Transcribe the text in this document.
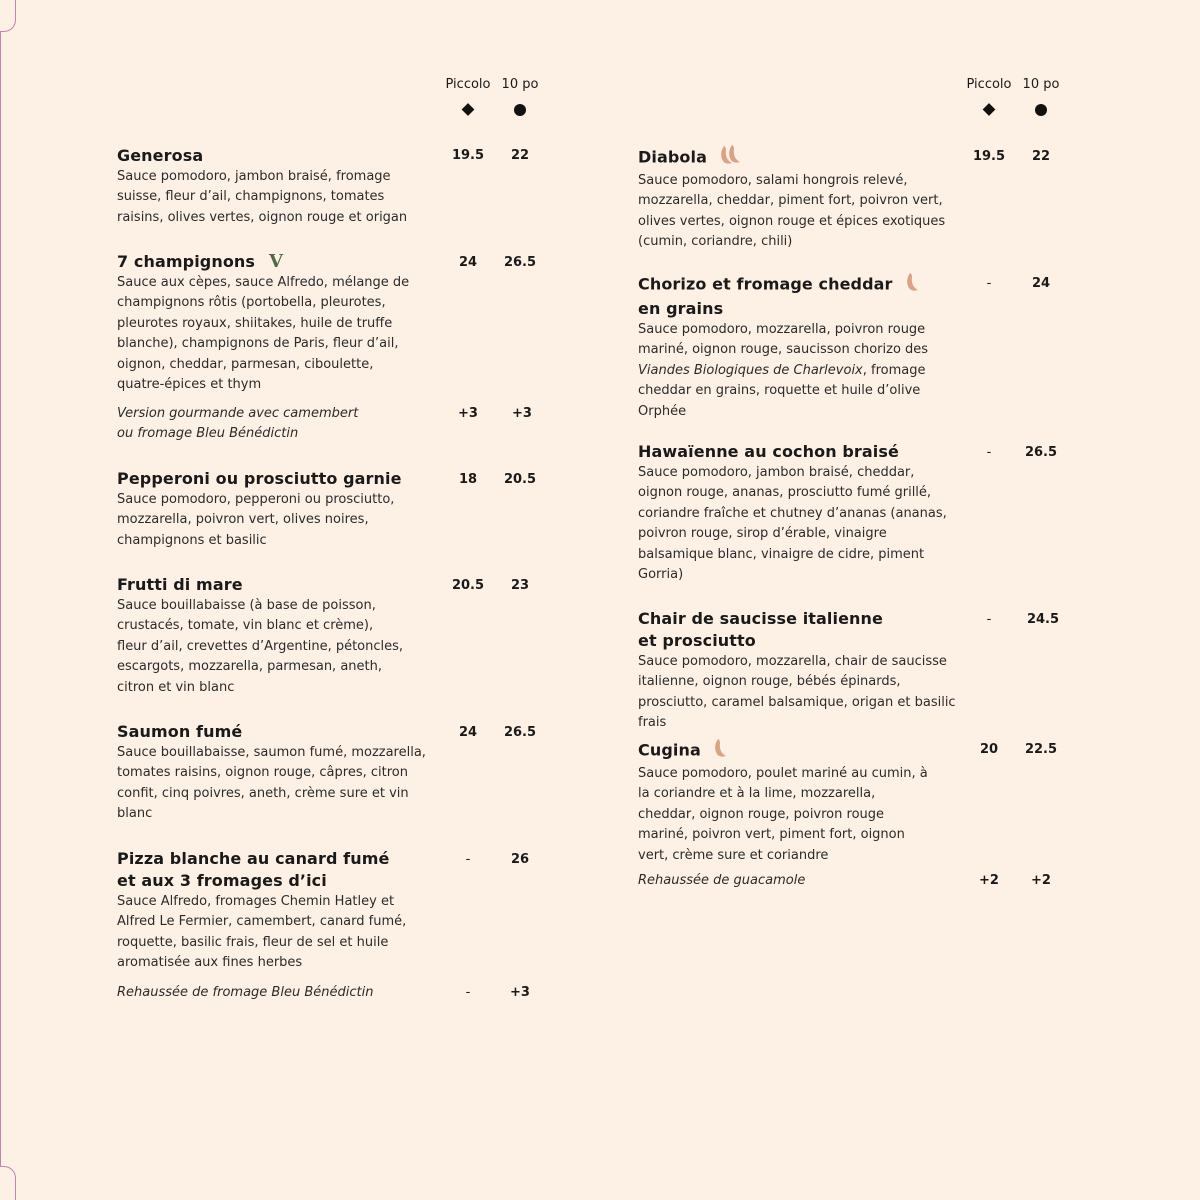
Piccolo 10 po
Generosa
Sauce pomodoro, jambon braisé, fromage suisse, fleur d’ail, champignons, tomates raisins, olives vertes, oignon rouge et origan
19.5 22
7 champignons V
Sauce aux cèpes, sauce Alfredo, mélange de champignons rôtis (portobella, pleurotes, pleurotes royaux, shiitakes, huile de truffe blanche), champignons de Paris, fleur d’ail, oignon, cheddar, parmesan, ciboulette, quatre-épices et thym
24 26.5
Version gourmande avec camembert ou fromage Bleu Bénédictin
+3	+3
Pepperoni ou prosciutto garnie
Sauce pomodoro, pepperoni ou prosciutto, mozzarella, poivron vert, olives noires, champignons et basilic
18 20.5
Frutti di mare
Sauce bouillabaisse (à base de poisson, crustacés, tomate, vin blanc et crème), fleur d’ail, crevettes d’Argentine, pétoncles, escargots, mozzarella, parmesan, aneth, citron et vin blanc
20.5 23
Saumon fumé
Sauce bouillabaisse, saumon fumé, mozzarella, tomates raisins, oignon rouge, câpres, citron confit, cinq poivres, aneth, crème sure et vin blanc
24 26.5
Pizza blanche au canard fumé
et aux 3 fromages d’ici
Sauce Alfredo, fromages Chemin Hatley et Alfred Le Fermier, camembert, canard fumé, roquette, basilic frais, fleur de sel et huile aromatisée aux fines herbes
-	26
Rehaussée de fromage Bleu Bénédictin	-	+3
Piccolo 10 po
Diabola
Sauce pomodoro, salami hongrois relevé, mozzarella, cheddar, piment fort, poivron vert, olives vertes, oignon rouge et épices exotiques (cumin, coriandre, chili)
19.5 22
Chorizo et fromage cheddar
en grains
Sauce pomodoro, mozzarella, poivron rouge mariné, oignon rouge, saucisson chorizo des Viandes Biologiques de Charlevoix, fromage cheddar en grains, roquette et huile d’olive Orphée
-	24
Hawaïenne au cochon braisé
Sauce pomodoro, jambon braisé, cheddar, oignon rouge, ananas, prosciutto fumé grillé, coriandre fraîche et chutney d’ananas (ananas, poivron rouge, sirop d’érable, vinaigre balsamique blanc, vinaigre de cidre, piment Gorria)
-	26.5
Chair de saucisse italienne
et prosciutto
Sauce pomodoro, mozzarella, chair de saucisse italienne, oignon rouge, bébés épinards, prosciutto, caramel balsamique, origan et basilic frais
-	24.5
Cugina
Sauce pomodoro, poulet mariné au cumin, à la coriandre et à la lime, mozzarella, cheddar, oignon rouge, poivron rouge mariné, poivron vert, piment fort, oignon vert, crème sure et coriandre
20 22.5
Rehaussée de guacamole	+2 +2
